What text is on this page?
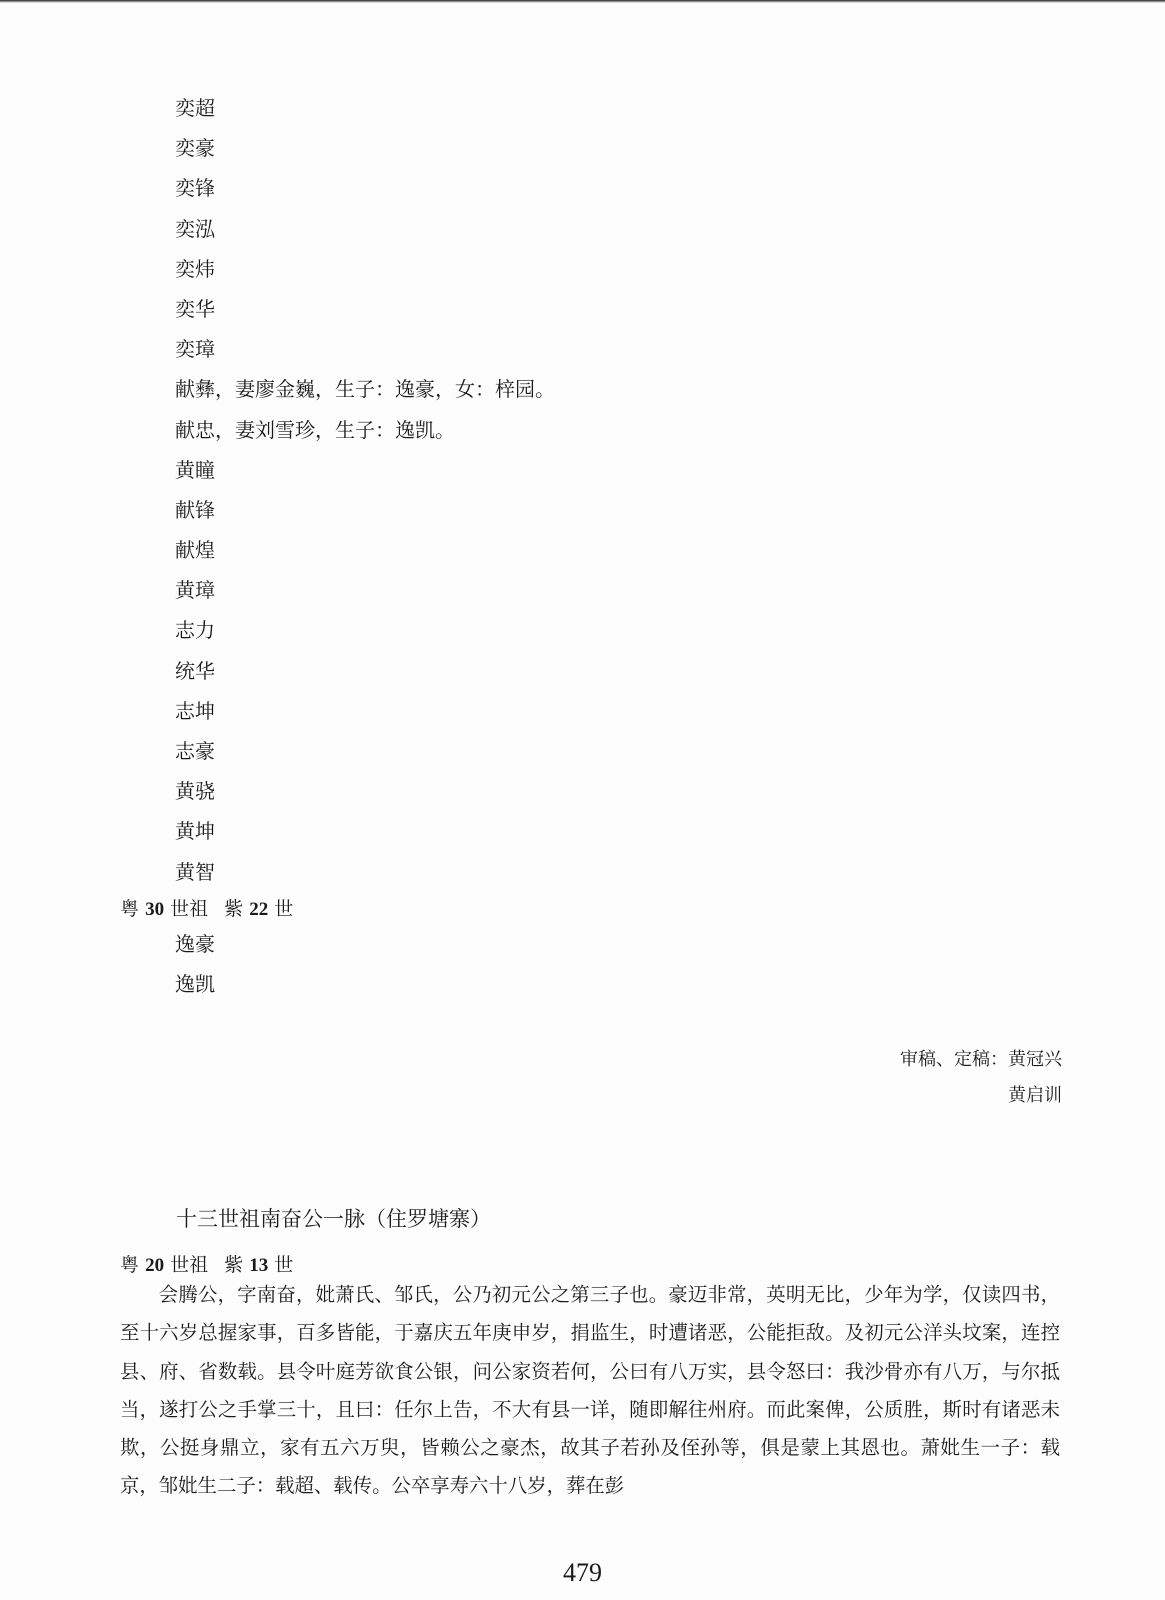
奕超
奕豪
奕锋
奕泓
奕炜
奕华
奕璋
献彝，妻廖金巍，生子：逸豪，女：梓园。
献忠，妻刘雪珍，生子：逸凯。
黄瞳
献锋
献煌
黄璋
志力
统华
志坤
志豪
黄骁
黄坤
黄智
粤 30 世祖 紫 22 世
逸豪
逸凯
审稿、定稿：黄冠兴
黄启训
十三世祖南奋公一脉（住罗塘寨）
粤 20 世祖 紫 13 世

会腾公，字南奋，妣萧氏、邹氏，公乃初元公之第三子也。豪迈非常，英明无比，少年为学，仅读四书，至十六岁总握家事，百多皆能，于嘉庆五年庚申岁，捐监生，时遭诸恶，公能拒敌。及初元公洋头坟案，连控县、府、省数载。县令叶庭芳欲食公银，问公家资若何，公曰有八万实，县令怒曰：我沙骨亦有八万，与尔抵当，遂打公之手掌三十，且曰：任尔上告，不大有县一详，随即解往州府。而此案俾，公质胜，斯时有诸恶未欺，公挺身鼎立，家有五六万臾，皆赖公之豪杰，故其子若孙及侄孙等，俱是蒙上其恩也。萧妣生一子：载京，邹妣生二子：载超、载传。公卒享寿六十八岁，葬在彭

479
